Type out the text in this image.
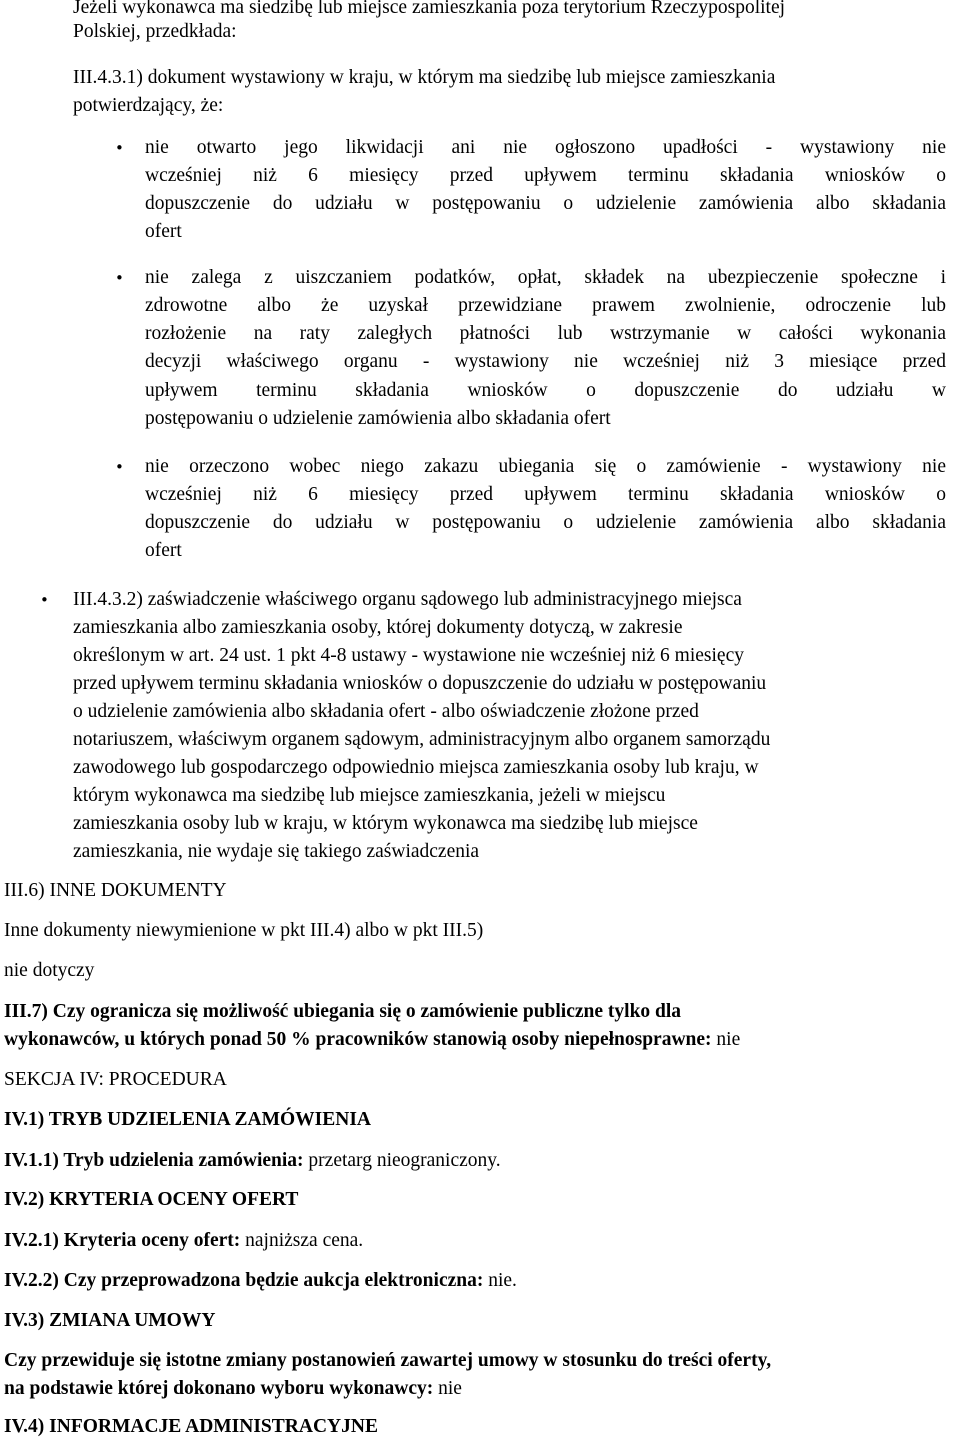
Jeżeli wykonawca ma siedzibę lub miejsce zamieszkania poza terytorium Rzeczypospolitej
Polskiej, przedkłada:
III.4.3.1) dokument wystawiony w kraju, w którym ma siedzibę lub miejsce zamieszkania
potwierdzający, że:
• nie otwarto jego likwidacji ani nie ogłoszono upadłości - wystawiony nie
wcześniej niż 6 miesięcy przed upływem terminu składania wniosków o
dopuszczenie do udziału w postępowaniu o udzielenie zamówienia albo składania
ofert
• nie zalega z uiszczaniem podatków, opłat, składek na ubezpieczenie społeczne i
zdrowotne albo że uzyskał przewidziane prawem zwolnienie, odroczenie lub
rozłożenie na raty zaległych płatności lub wstrzymanie w całości wykonania
decyzji właściwego organu - wystawiony nie wcześniej niż 3 miesiące przed
upływem terminu składania wniosków o dopuszczenie do udziału w
postępowaniu o udzielenie zamówienia albo składania ofert
• nie orzeczono wobec niego zakazu ubiegania się o zamówienie - wystawiony nie
wcześniej niż 6 miesięcy przed upływem terminu składania wniosków o
dopuszczenie do udziału w postępowaniu o udzielenie zamówienia albo składania
ofert
• III.4.3.2) zaświadczenie właściwego organu sądowego lub administracyjnego miejsca
zamieszkania albo zamieszkania osoby, której dokumenty dotyczą, w zakresie
określonym w art. 24 ust. 1 pkt 4-8 ustawy - wystawione nie wcześniej niż 6 miesięcy
przed upływem terminu składania wniosków o dopuszczenie do udziału w postępowaniu
o udzielenie zamówienia albo składania ofert - albo oświadczenie złożone przed
notariuszem, właściwym organem sądowym, administracyjnym albo organem samorządu
zawodowego lub gospodarczego odpowiednio miejsca zamieszkania osoby lub kraju, w
którym wykonawca ma siedzibę lub miejsce zamieszkania, jeżeli w miejscu
zamieszkania osoby lub w kraju, w którym wykonawca ma siedzibę lub miejsce
zamieszkania, nie wydaje się takiego zaświadczenia
III.6) INNE DOKUMENTY
Inne dokumenty niewymienione w pkt III.4) albo w pkt III.5)
nie dotyczy
III.7) Czy ogranicza się możliwość ubiegania się o zamówienie publiczne tylko dla
wykonawców, u których ponad 50 % pracowników stanowią osoby niepełnosprawne: nie
SEKCJA IV: PROCEDURA
IV.1) TRYB UDZIELENIA ZAMÓWIENIA
IV.1.1) Tryb udzielenia zamówienia: przetarg nieograniczony.
IV.2) KRYTERIA OCENY OFERT
IV.2.1) Kryteria oceny ofert: najniższa cena.
IV.2.2) Czy przeprowadzona będzie aukcja elektroniczna: nie.
IV.3) ZMIANA UMOWY
Czy przewiduje się istotne zmiany postanowień zawartej umowy w stosunku do treści oferty,
na podstawie której dokonano wyboru wykonawcy: nie
IV.4) INFORMACJE ADMINISTRACYJNE
